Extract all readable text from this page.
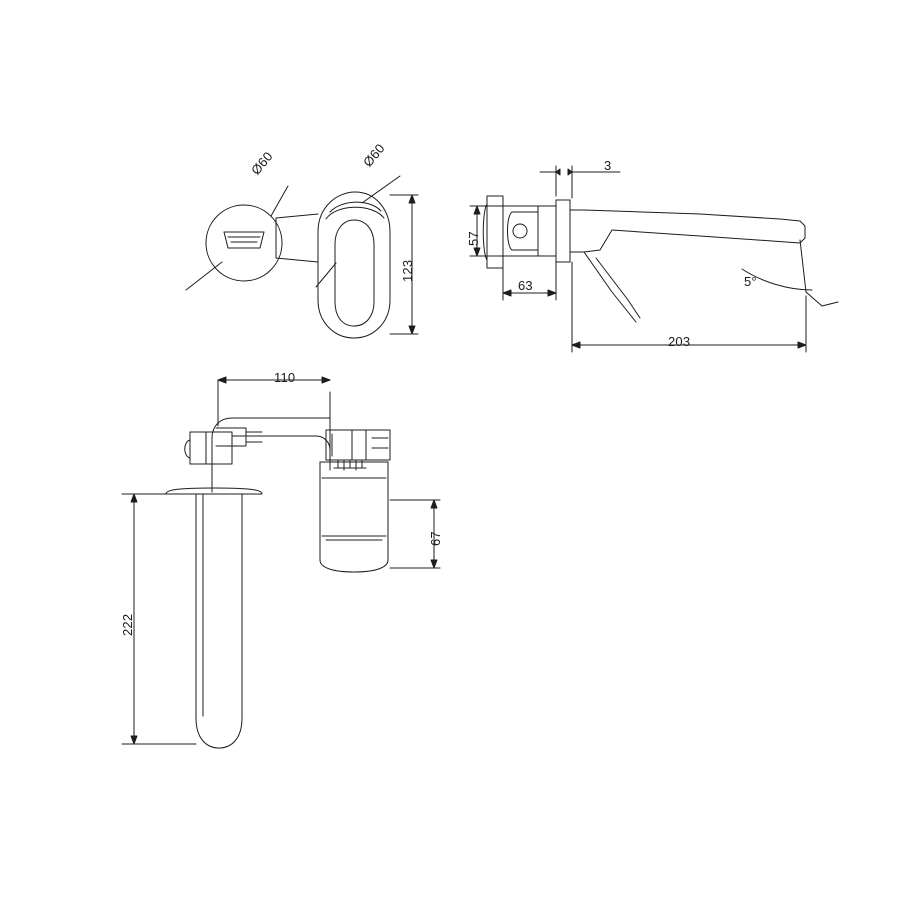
Ø60	Ø60
123
3
57
63
203
5°
110
67
222
